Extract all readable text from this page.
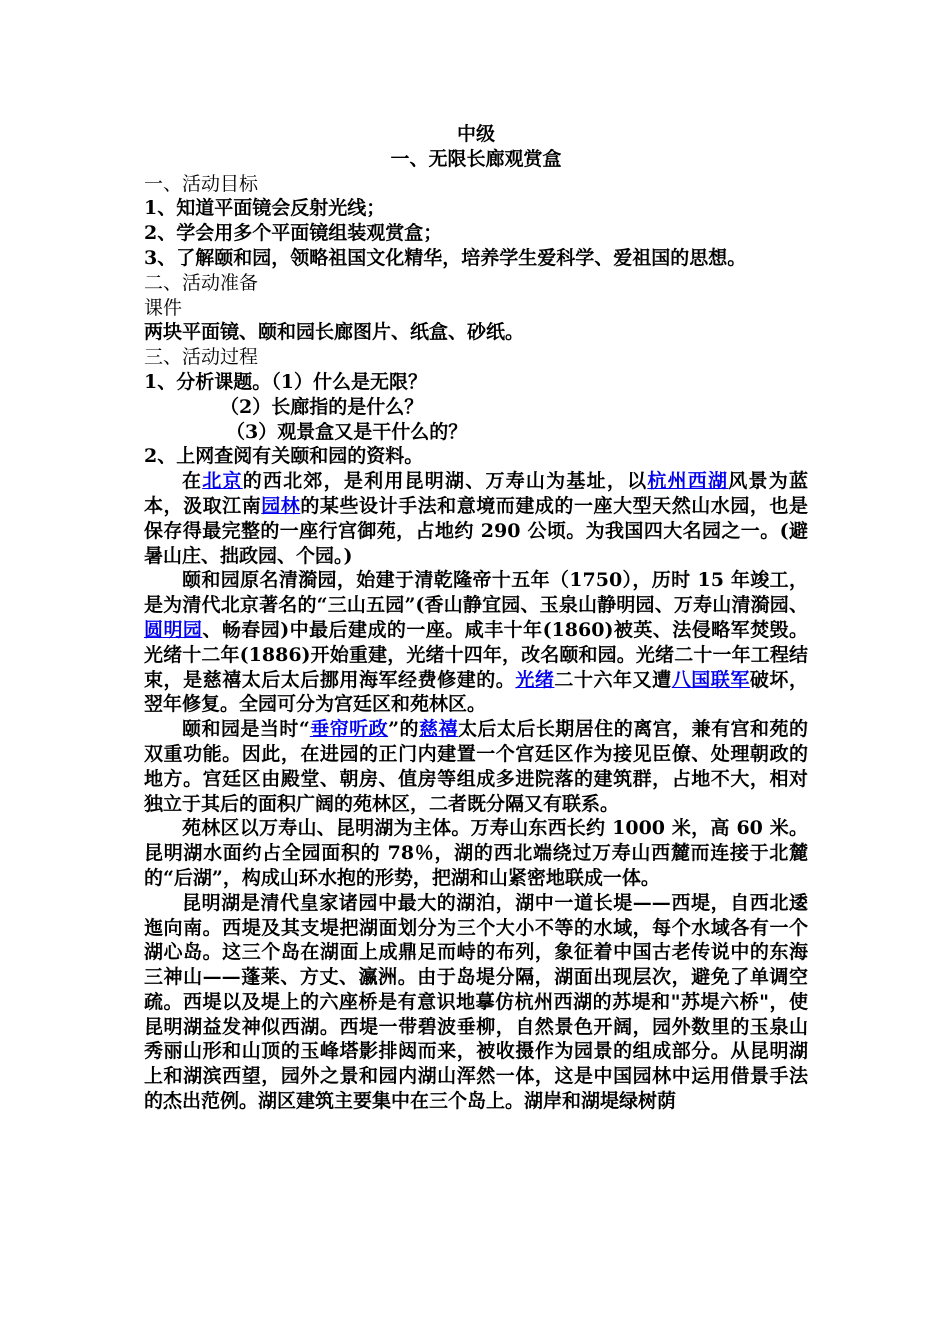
中级

一、无限长廊观赏盒

一、活动目标

1、知道平面镜会反射光线；

2、学会用多个平面镜组装观赏盒；

3、了解颐和园，领略祖国文化精华，培养学生爱科学、爱祖国的思想。

二、活动准备

课件

两块平面镜、颐和园长廊图片、纸盒、砂纸。

三、活动过程

1、分析课题。（1）什么是无限？

（2）长廊指的是什么？

（3）观景盒又是干什么的？

2、上网查阅有关颐和园的资料。

在北京的西北郊，是利用昆明湖、万寿山为基址，以杭州西湖风景为蓝本，汲取江南园林的某些设计手法和意境而建成的一座大型天然山水园，也是保存得最完整的一座行宫御苑，占地约 290 公顷。为我国四大名园之一。(避暑山庄、拙政园、个园。)

颐和园原名清漪园，始建于清乾隆帝十五年（1750），历时 15 年竣工，是为清代北京著名的“三山五园”(香山静宜园、玉泉山静明园、万寿山清漪园、圆明园、畅春园)中最后建成的一座。咸丰十年(1860)被英、法侵略军焚毁。光绪十二年(1886)开始重建，光绪十四年，改名颐和园。光绪二十一年工程结束，是慈禧太后太后挪用海军经费修建的。光绪二十六年又遭八国联军破坏，翌年修复。全园可分为宫廷区和苑林区。

颐和园是当时“垂帘听政”的慈禧太后太后长期居住的离宫，兼有宫和苑的双重功能。因此，在进园的正门内建置一个宫廷区作为接见臣僚、处理朝政的地方。宫廷区由殿堂、朝房、值房等组成多进院落的建筑群，占地不大，相对独立于其后的面积广阔的苑林区，二者既分隔又有联系。

苑林区以万寿山、昆明湖为主体。万寿山东西长约 1000 米，高 60 米。昆明湖水面约占全园面积的 78％，湖的西北端绕过万寿山西麓而连接于北麓的“后湖”，构成山环水抱的形势，把湖和山紧密地联成一体。

昆明湖是清代皇家诸园中最大的湖泊，湖中一道长堤——西堤，自西北逶迤向南。西堤及其支堤把湖面划分为三个大小不等的水域，每个水域各有一个湖心岛。这三个岛在湖面上成鼎足而峙的布列，象征着中国古老传说中的东海三神山——蓬莱、方丈、瀛洲。由于岛堤分隔，湖面出现层次，避免了单调空疏。西堤以及堤上的六座桥是有意识地摹仿杭州西湖的苏堤和"苏堤六桥"，使昆明湖益发神似西湖。西堤一带碧波垂柳，自然景色开阔，园外数里的玉泉山秀丽山形和山顶的玉峰塔影排闼而来，被收摄作为园景的组成部分。从昆明湖上和湖滨西望，园外之景和园内湖山浑然一体，这是中国园林中运用借景手法的杰出范例。湖区建筑主要集中在三个岛上。湖岸和湖堤绿树荫
